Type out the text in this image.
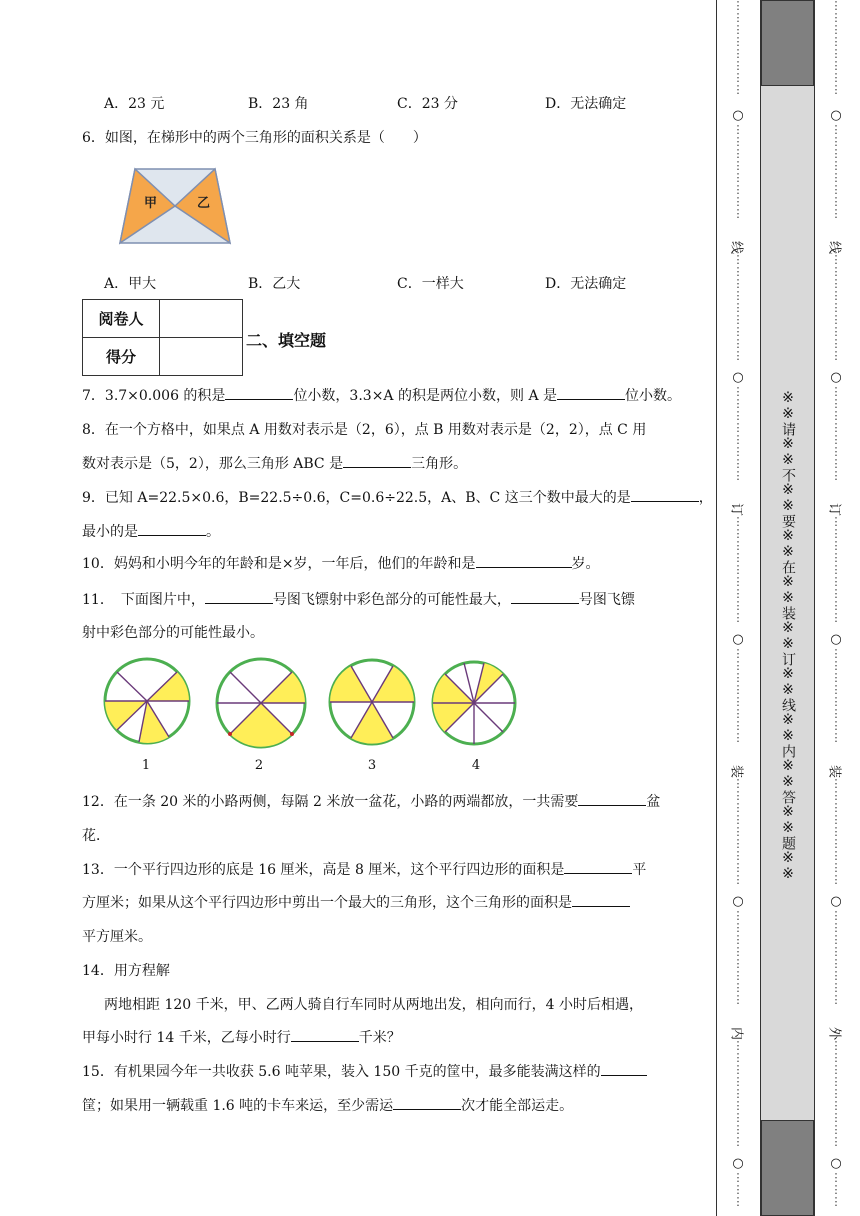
A．23 元	B．23 角	C．23 分	D．无法确定
6．如图，在梯形中的两个三角形的面积关系是（　　）
甲	乙
A．甲大	B．乙大	C．一样大	D．无法确定
阅卷人	
得分	
二、填空题
7．3.7×0.006 的积是	位小数，3.3×A 的积是两位小数，则 A 是	位小数。
8．在一个方格中，如果点 A 用数对表示是（2，6），点 B 用数对表示是（2，2），点 C 用
数对表示是（5，2），那么三角形 ABC 是	三角形。
9．已知 A=22.5×0.6，B=22.5÷0.6，C=0.6÷22.5，A、B、C 这三个数中最大的是	，
最小的是	。
10．妈妈和小明今年的年龄和是×岁，一年后，他们的年龄和是	岁。
11．　下面图片中，	号图飞镖射中彩色部分的可能性最大，	号图飞镖
射中彩色部分的可能性最小。
1	2	3	4
12．在一条 20 米的小路两侧，每隔 2 米放一盆花，小路的两端都放，一共需要	盆
花．
13．一个平行四边形的底是 16 厘米，高是 8 厘米，这个平行四边形的面积是	平
方厘米；如果从这个平行四边形中剪出一个最大的三角形，这个三角形的面积是
平方厘米。
14．用方程解
两地相距 120 千米，甲、乙两人骑自行车同时从两地出发，相向而行，4 小时后相遇，
甲每小时行 14 千米，乙每小时行	千米？
15．有机果园今年一共收获 5.6 吨苹果，装入 150 千克的筐中，最多能装满这样的
筐；如果用一辆载重 1.6 吨的卡车来运，至少需运	次才能全部运走。
※※请※※不※※要※※在※※装※※订※※线※※内※※答※※题※※
⋮
⋮
⋮
⋮
⋮
⋮
⋮
⋮
⋮
⋮
⋮
⋮
⋮
⋮
⋮
⋮
⋮
⋮
⋮
⋮
⋮
⋮
⋮
⋮
⋮
⋮
⋮
⋮
⋮
⋮
⋮
⋮
⋮
⋮
⋮
⋮
⋮
⋮
⋮
⋮
⋮
⋮
⋮
⋮
⋮
⋮
⋮
⋮
⋮
⋮
⋮
⋮
⋮
⋮
⋮
⋮
⋮
⋮
⋮
⋮
⋮
⋮
⋮
⋮
⋮
⋮
⋮
⋮
⋮
⋮
⋮
⋮
⋮
⋮
⋮
⋮
⋮
⋮
⋮
○
○
○
○
○
线
订
装
内
⋮
⋮
⋮
⋮
⋮
⋮
⋮
⋮
⋮
⋮
⋮
⋮
⋮
⋮
⋮
⋮
⋮
⋮
⋮
⋮
⋮
⋮
⋮
⋮
⋮
⋮
⋮
⋮
⋮
⋮
⋮
⋮
⋮
⋮
⋮
⋮
⋮
⋮
⋮
⋮
⋮
⋮
⋮
⋮
⋮
⋮
⋮
⋮
⋮
⋮
⋮
⋮
⋮
⋮
⋮
⋮
⋮
⋮
⋮
⋮
⋮
⋮
⋮
⋮
⋮
⋮
⋮
⋮
⋮
⋮
⋮
⋮
⋮
⋮
⋮
⋮
⋮
⋮
⋮
○
○
○
○
○
线
订
装
外
